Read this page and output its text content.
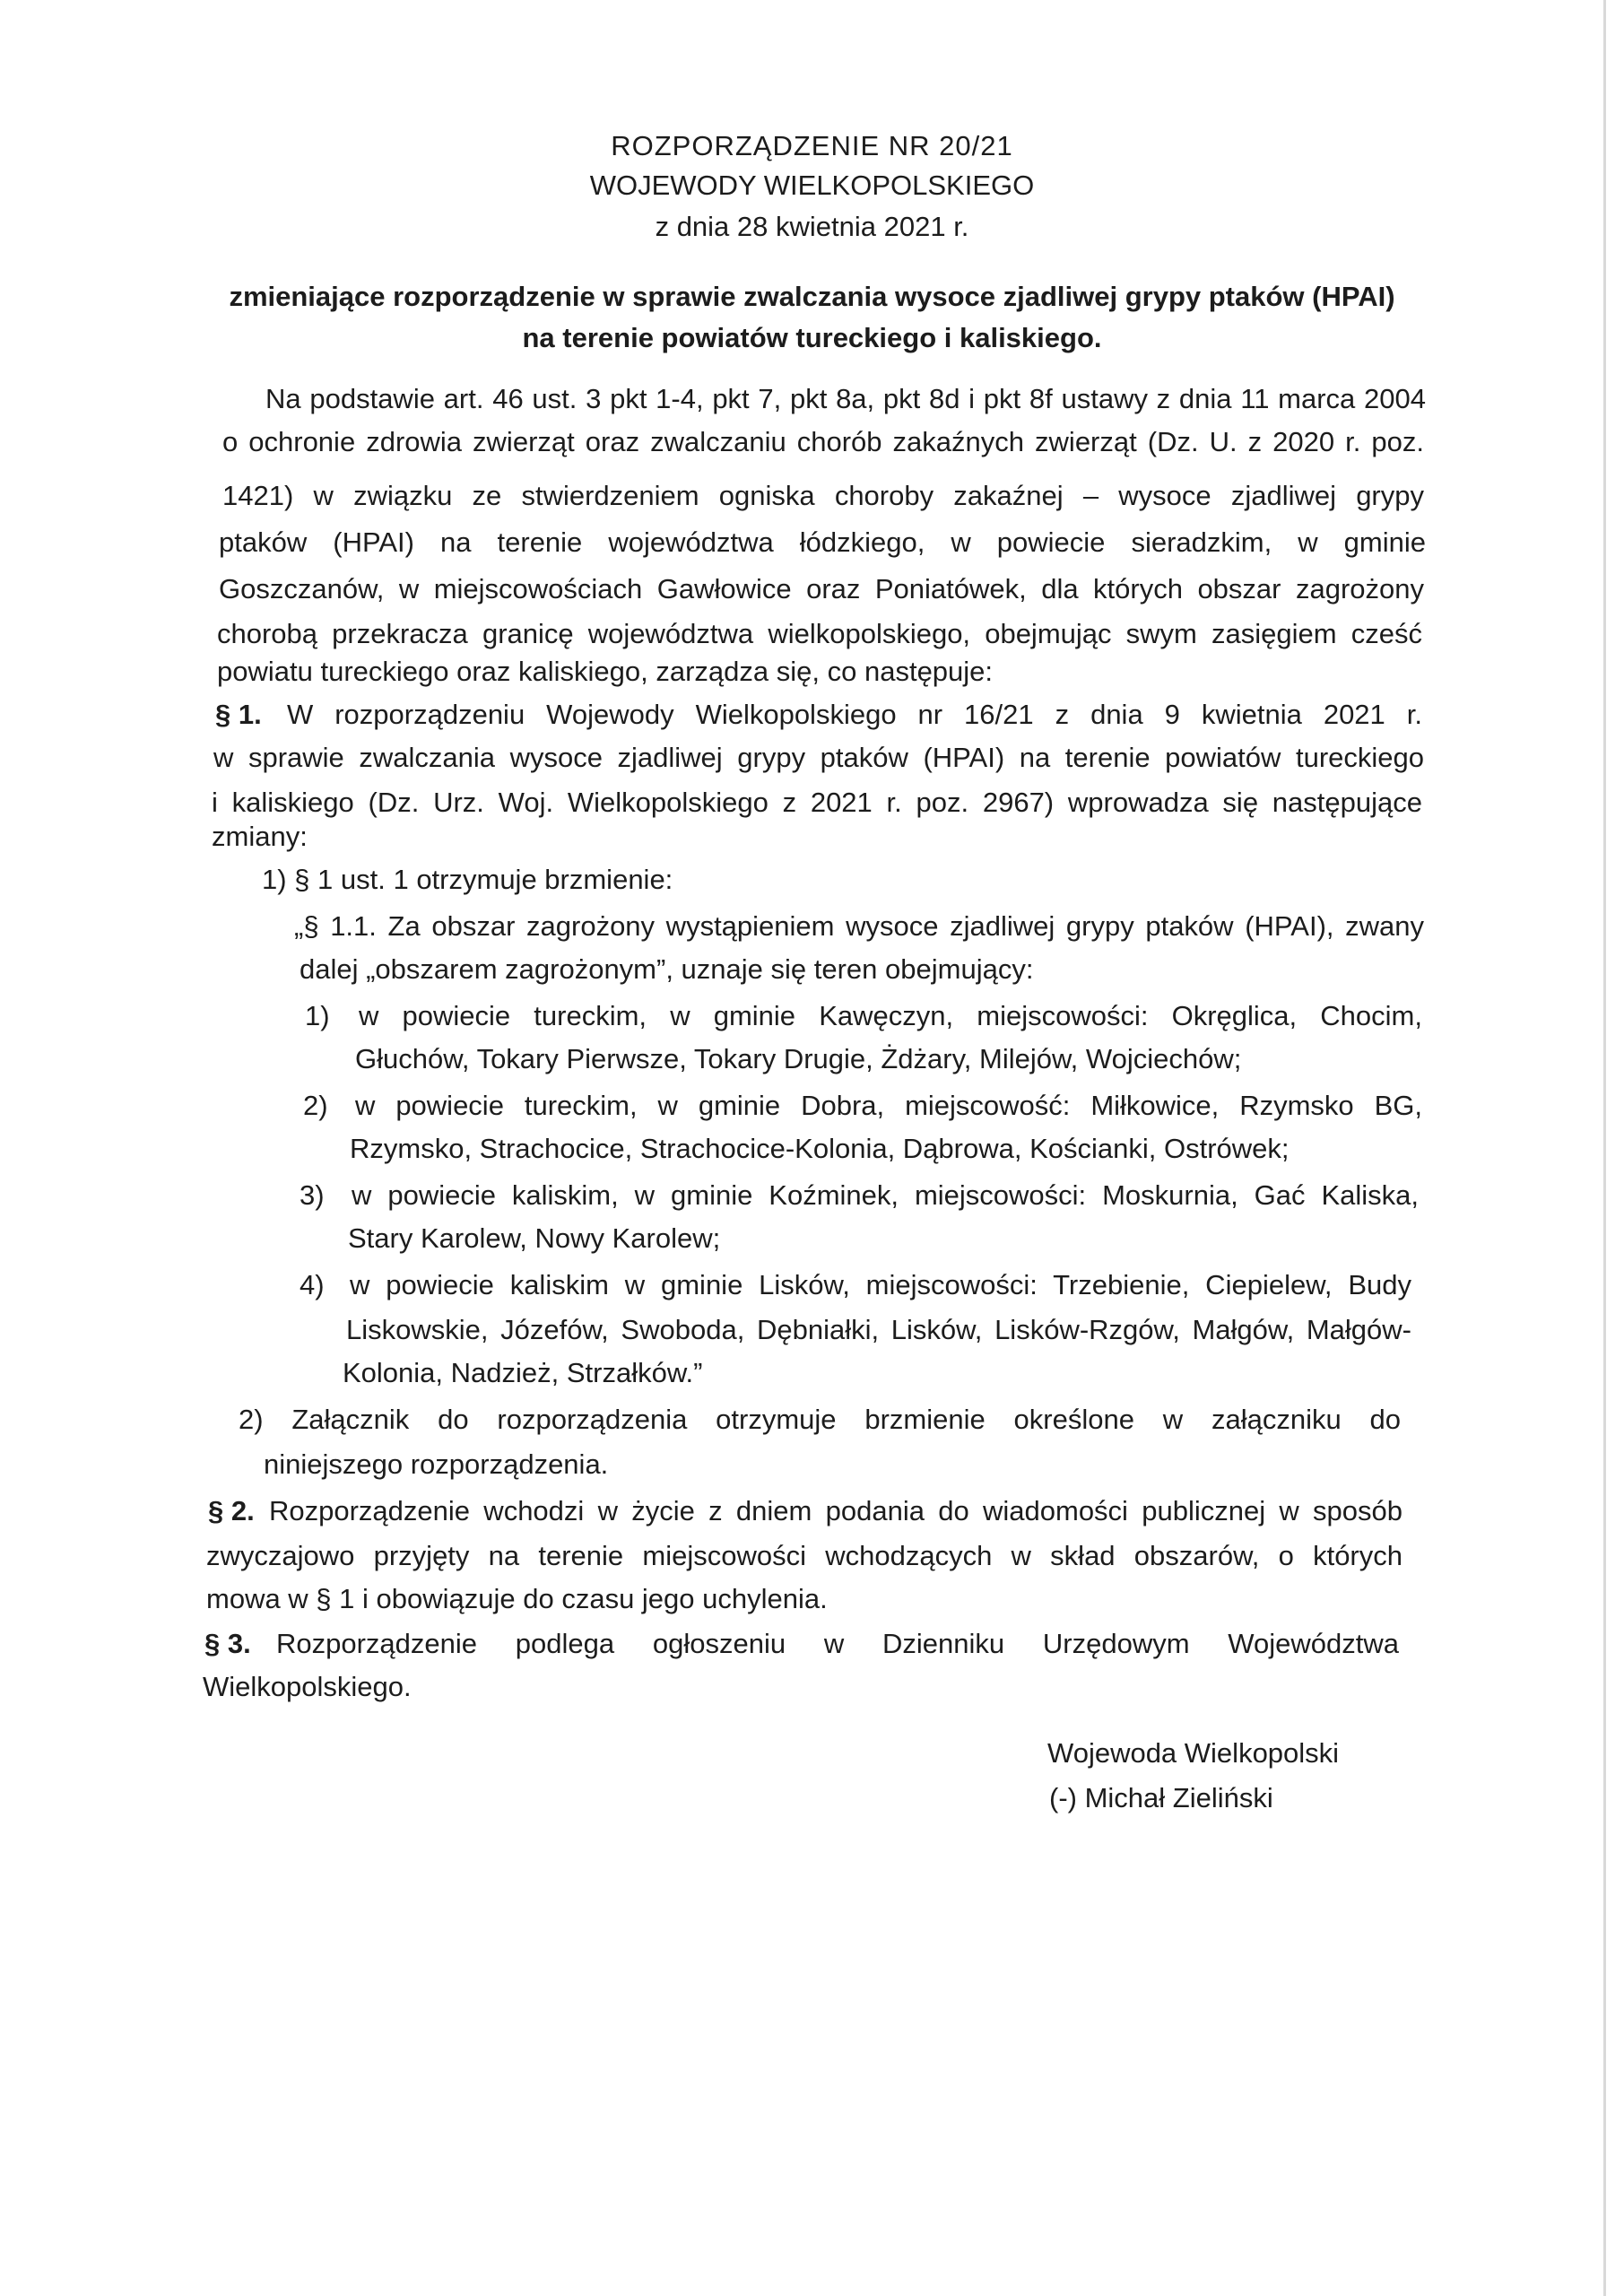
ROZPORZĄDZENIE NR 20/21

WOJEWODY WIELKOPOLSKIEGO

z dnia 28 kwietnia 2021 r.

zmieniające rozporządzenie w sprawie zwalczania wysoce zjadliwej grypy ptaków (HPAI)

na terenie powiatów tureckiego i kaliskiego.

Na podstawie art. 46 ust. 3 pkt 1-4, pkt 7, pkt 8a, pkt 8d i pkt 8f ustawy z dnia 11 marca 2004

o ochronie zdrowia zwierząt oraz zwalczaniu chorób zakaźnych zwierząt (Dz. U. z 2020 r. poz.

1421) w związku ze stwierdzeniem ogniska choroby zakaźnej – wysoce zjadliwej grypy

ptaków (HPAI) na terenie województwa łódzkiego, w powiecie sieradzkim, w gminie

Goszczanów, w miejscowościach Gawłowice oraz Poniatówek, dla których obszar zagrożony

chorobą przekracza granicę województwa wielkopolskiego, obejmując swym zasięgiem cześć

powiatu tureckiego oraz kaliskiego, zarządza się, co następuje:

§ 1. W rozporządzeniu Wojewody Wielkopolskiego nr 16/21 z dnia 9 kwietnia 2021 r.

w sprawie zwalczania wysoce zjadliwej grypy ptaków (HPAI) na terenie powiatów tureckiego

i kaliskiego (Dz. Urz. Woj. Wielkopolskiego z 2021 r. poz. 2967) wprowadza się następujące

zmiany:

1) § 1 ust. 1 otrzymuje brzmienie:

„§ 1.1. Za obszar zagrożony wystąpieniem wysoce zjadliwej grypy ptaków (HPAI), zwany

dalej „obszarem zagrożonym”, uznaje się teren obejmujący:

1) w powiecie tureckim, w gminie Kawęczyn, miejscowości: Okręglica, Chocim,

Głuchów, Tokary Pierwsze, Tokary Drugie, Żdżary, Milejów, Wojciechów;

2) w powiecie tureckim, w gminie Dobra, miejscowość: Miłkowice, Rzymsko BG,

Rzymsko, Strachocice, Strachocice-Kolonia, Dąbrowa, Kościanki, Ostrówek;

3) w powiecie kaliskim, w gminie Koźminek, miejscowości: Moskurnia, Gać Kaliska,

Stary Karolew, Nowy Karolew;

4) w powiecie kaliskim w gminie Lisków, miejscowości: Trzebienie, Ciepielew, Budy

Liskowskie, Józefów, Swoboda, Dębniałki, Lisków, Lisków-Rzgów, Małgów, Małgów-

Kolonia, Nadzież, Strzałków.”

2) Załącznik do rozporządzenia otrzymuje brzmienie określone w załączniku do

niniejszego rozporządzenia.

§ 2. Rozporządzenie wchodzi w życie z dniem podania do wiadomości publicznej w sposób

zwyczajowo przyjęty na terenie miejscowości wchodzących w skład obszarów, o których

mowa w § 1 i obowiązuje do czasu jego uchylenia.

§ 3. Rozporządzenie podlega ogłoszeniu w Dzienniku Urzędowym Województwa

Wielkopolskiego.

Wojewoda Wielkopolski

(-) Michał Zieliński
